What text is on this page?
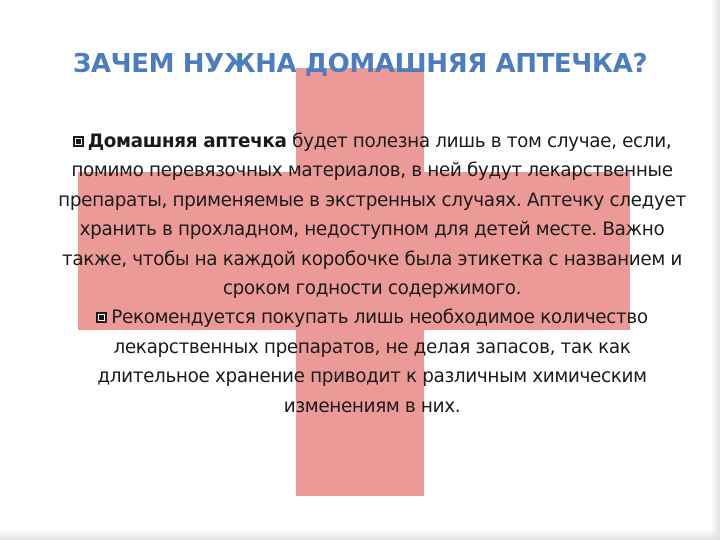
ЗАЧЕМ НУЖНА ДОМАШНЯЯ АПТЕЧКА?

Домашняя аптечка будет полезна лишь в том случае, если, помимо перевязочных материалов, в ней будут лекарственные препараты, применяемые в экстренных случаях. Аптечку следует хранить в прохладном, недоступном для детей месте. Важно также, чтобы на каждой коробочке была этикетка с названием и сроком годности содержимого.

Рекомендуется покупать лишь необходимое количество лекарственных препаратов, не делая запасов, так как длительное хранение приводит к различным химическим изменениям в них.
